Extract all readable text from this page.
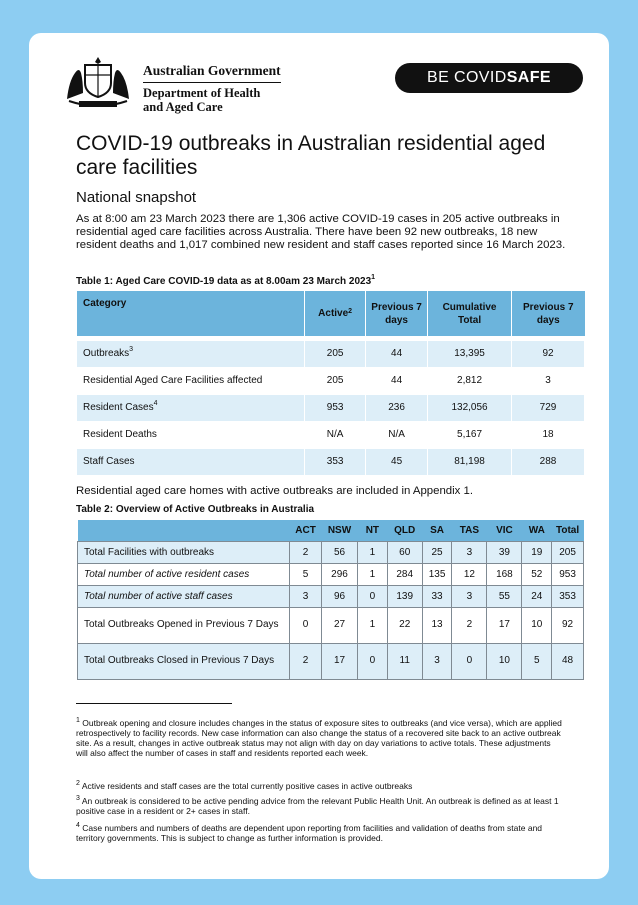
Australian Government
Department of Health
and Aged Care
BE COVIDSAFE
COVID-19 outbreaks in Australian residential aged care facilities
National snapshot

As at 8:00 am 23 March 2023 there are 1,306 active COVID-19 cases in 205 active outbreaks in residential aged care facilities across Australia. There have been 92 new outbreaks, 18 new resident deaths and 1,017 combined new resident and staff cases reported since 16 March 2023.

Table 1: Aged Care COVID-19 data as at 8.00am 23 March 2023$^1$
Category	Active$^2$	Previous 7 days	Cumulative Total	Previous 7 days

Outbreaks$^3$	205	44	13,395	92
Residential Aged Care Facilities affected	205	44	2,812	3
Resident Cases$^4$	953	236	132,056	729
Resident Deaths	N/A	N/A	5,167	18
Staff Cases	353	45	81,198	288
Residential aged care homes with active outbreaks are included in Appendix 1.
Table 2: Overview of Active Outbreaks in Australia
	ACT	NSW	NT	QLD	SA	TAS	VIC	WA	Total
Total Facilities with outbreaks	2	56	1	60	25	3	39	19	205
Total number of active resident cases	5	296	1	284	135	12	168	52	953
Total number of active staff cases	3	96	0	139	33	3	55	24	353
Total Outbreaks Opened in Previous 7 Days	0	27	1	22	13	2	17	10	92
Total Outbreaks Closed in Previous 7 Days	2	17	0	11	3	0	10	5	48

$^1$ Outbreak opening and closure includes changes in the status of exposure sites to outbreaks (and vice versa), which are applied retrospectively to facility records. New case information can also change the status of a recovered site back to an active outbreak site. As a result, changes in active outbreak status may not align with day on day variations to active totals. These adjustments will also affect the number of cases in staff and residents reported each week.

$^2$ Active residents and staff cases are the total currently positive cases in active outbreaks

$^3$ An outbreak is considered to be active pending advice from the relevant Public Health Unit. An outbreak is defined as at least 1 positive case in a resident or 2+ cases in staff.

$^4$ Case numbers and numbers of deaths are dependent upon reporting from facilities and validation of deaths from state and territory governments. This is subject to change as further information is provided.
